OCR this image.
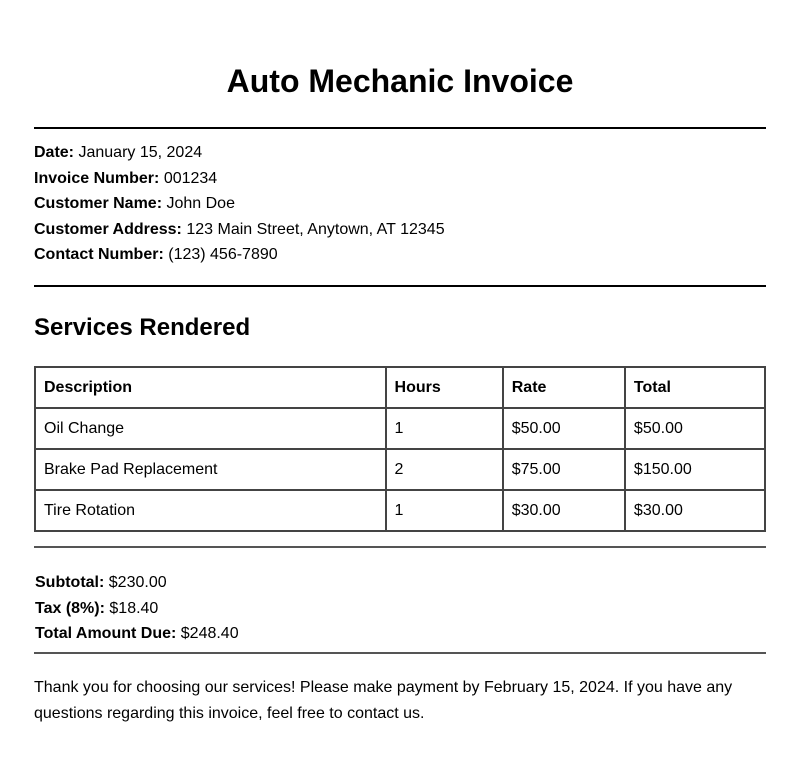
Auto Mechanic Invoice
Date: January 15, 2024
Invoice Number: 001234
Customer Name: John Doe
Customer Address: 123 Main Street, Anytown, AT 12345
Contact Number: (123) 456-7890
Services Rendered
Description	Hours	Rate	Total
Oil Change	1	$50.00	$50.00
Brake Pad Replacement	2	$75.00	$150.00
Tire Rotation	1	$30.00	$30.00
Subtotal: $230.00
Tax (8%): $18.40
Total Amount Due: $248.40
Thank you for choosing our services! Please make payment by February 15, 2024. If you have any questions regarding this invoice, feel free to contact us.
